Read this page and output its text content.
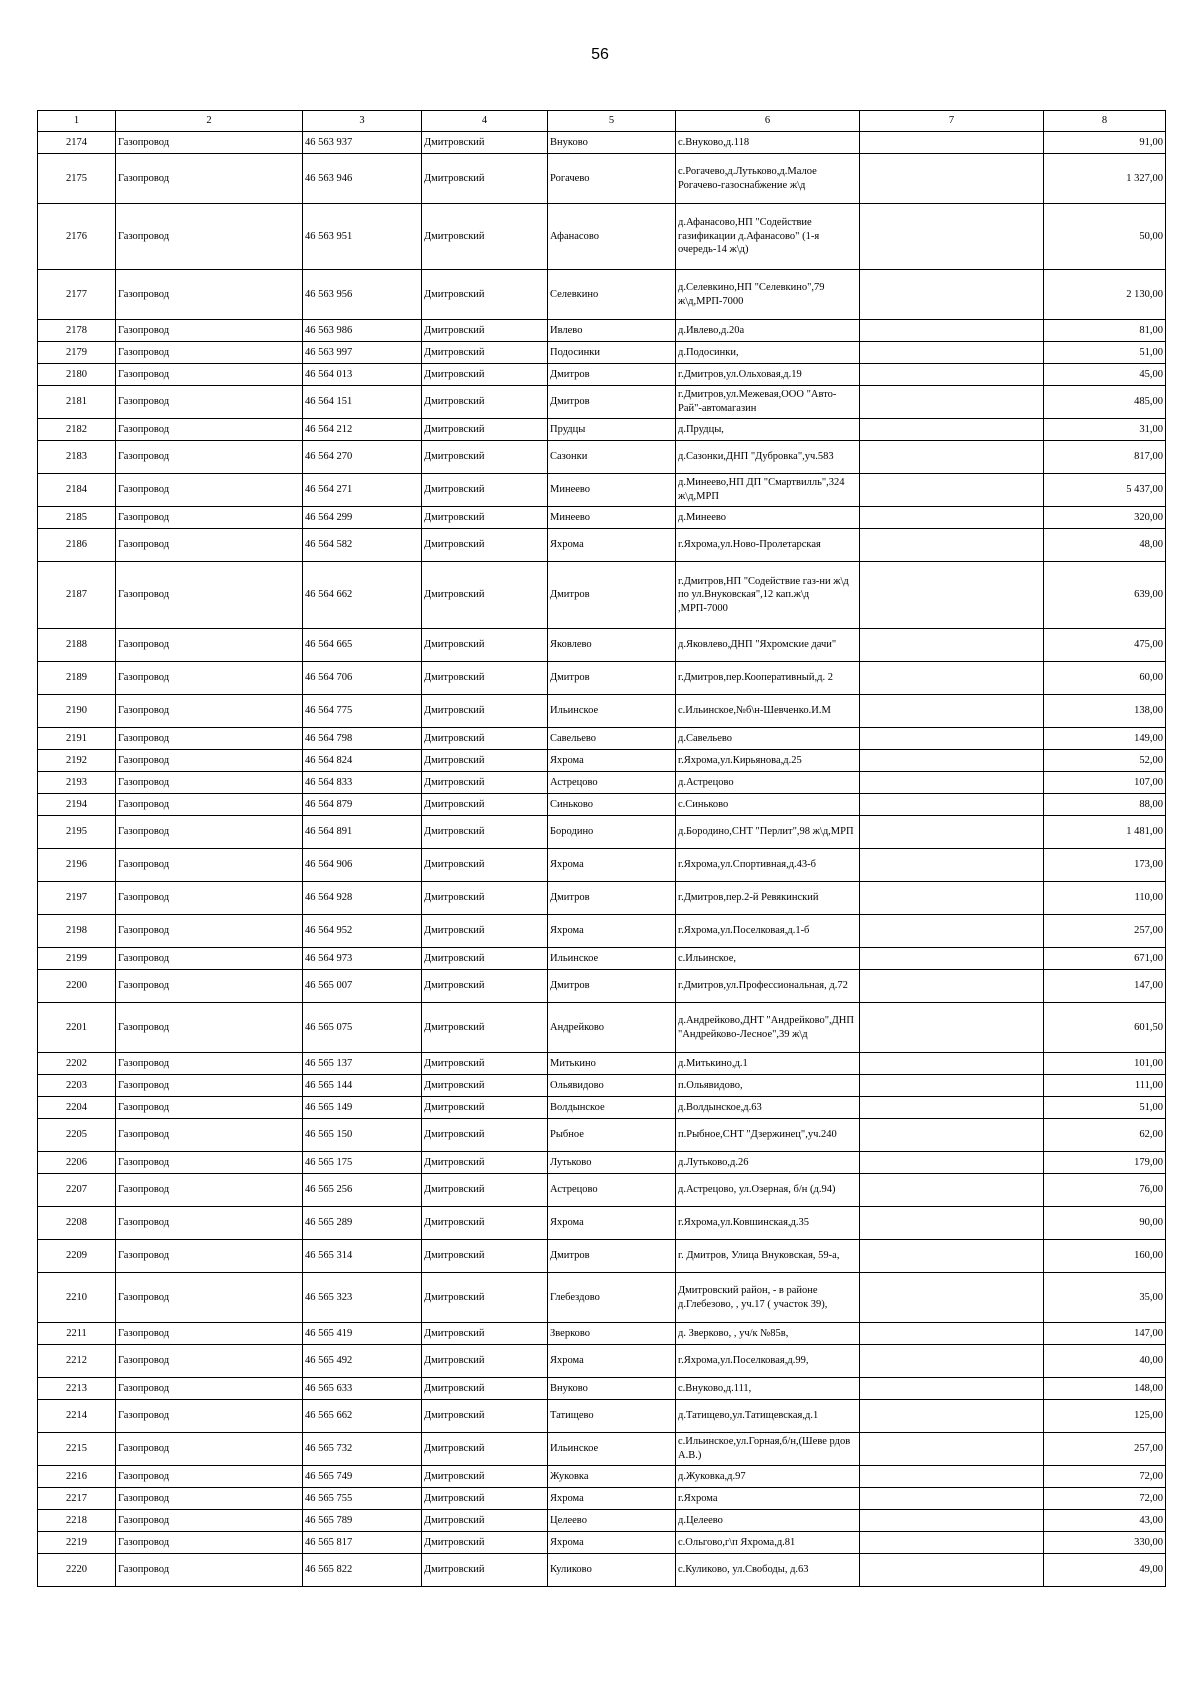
56
1	2	3	4	5	6	7	8
2174	Газопровод	46 563 937	Дмитровский	Внуково	с.Внуково,д.118		91,00
2175	Газопровод	46 563 946	Дмитровский	Рогачево	с.Рогачево,д.Лутьково,д.Малое Рогачево-газоснабжение ж\д		1 327,00
2176	Газопровод	46 563 951	Дмитровский	Афанасово	д.Афанасово,НП "Содействие газификации д.Афанасово" (1-я очередь-14 ж\д)		50,00
2177	Газопровод	46 563 956	Дмитровский	Селевкино	д.Селевкино,НП "Селевкино",79 ж\д,МРП-7000		2 130,00
2178	Газопровод	46 563 986	Дмитровский	Ивлево	д.Ивлево,д.20а		81,00
2179	Газопровод	46 563 997	Дмитровский	Подосинки	д.Подосинки,		51,00
2180	Газопровод	46 564 013	Дмитровский	Дмитров	г.Дмитров,ул.Ольховая,д.19		45,00
2181	Газопровод	46 564 151	Дмитровский	Дмитров	г.Дмитров,ул.Межевая,ООО "Авто-Рай"-автомагазин		485,00
2182	Газопровод	46 564 212	Дмитровский	Прудцы	д.Прудцы,		31,00
2183	Газопровод	46 564 270	Дмитровский	Сазонки	д.Сазонки,ДНП "Дубровка",уч.583		817,00
2184	Газопровод	46 564 271	Дмитровский	Минеево	д.Минеево,НП ДП "Смартвилль",324 ж\д,МРП		5 437,00
2185	Газопровод	46 564 299	Дмитровский	Минеево	д.Минеево		320,00
2186	Газопровод	46 564 582	Дмитровский	Яхрома	г.Яхрома,ул.Ново-Пролетарская		48,00
2187	Газопровод	46 564 662	Дмитровский	Дмитров	г.Дмитров,НП "Содействие газ-ни ж\д по ул.Внуковская",12 кап.ж\д ,МРП-7000		639,00
2188	Газопровод	46 564 665	Дмитровский	Яковлево	д.Яковлево,ДНП "Яхромские дачи"		475,00
2189	Газопровод	46 564 706	Дмитровский	Дмитров	г.Дмитров,пер.Кооперативный,д. 2		60,00
2190	Газопровод	46 564 775	Дмитровский	Ильинское	с.Ильинское,№б\н-Шевченко.И.М		138,00
2191	Газопровод	46 564 798	Дмитровский	Савельево	д.Савельево		149,00
2192	Газопровод	46 564 824	Дмитровский	Яхрома	г.Яхрома,ул.Кирьянова,д.25		52,00
2193	Газопровод	46 564 833	Дмитровский	Астрецово	д.Астрецово		107,00
2194	Газопровод	46 564 879	Дмитровский	Синьково	с.Синьково		88,00
2195	Газопровод	46 564 891	Дмитровский	Бородино	д.Бородино,СНТ "Перлит",98 ж\д,МРП		1 481,00
2196	Газопровод	46 564 906	Дмитровский	Яхрома	г.Яхрома,ул.Спортивная,д.43-б		173,00
2197	Газопровод	46 564 928	Дмитровский	Дмитров	г.Дмитров,пер.2-й Ревякинский		110,00
2198	Газопровод	46 564 952	Дмитровский	Яхрома	г.Яхрома,ул.Поселковая,д.1-б		257,00
2199	Газопровод	46 564 973	Дмитровский	Ильинское	с.Ильинское,		671,00
2200	Газопровод	46 565 007	Дмитровский	Дмитров	г.Дмитров,ул.Профессиональная, д.72		147,00
2201	Газопровод	46 565 075	Дмитровский	Андрейково	д.Андрейково,ДНТ "Андрейково",ДНП "Андрейково-Лесное",39 ж\д		601,50
2202	Газопровод	46 565 137	Дмитровский	Митькино	д.Митькино,д.1		101,00
2203	Газопровод	46 565 144	Дмитровский	Ольявидово	п.Ольявидово,		111,00
2204	Газопровод	46 565 149	Дмитровский	Волдынское	д.Волдынское,д.63		51,00
2205	Газопровод	46 565 150	Дмитровский	Рыбное	п.Рыбное,СНТ "Дзержинец",уч.240		62,00
2206	Газопровод	46 565 175	Дмитровский	Лутьково	д.Лутьково,д.26		179,00
2207	Газопровод	46 565 256	Дмитровский	Астрецово	д.Астрецово, ул.Озерная, б/н (д.94)		76,00
2208	Газопровод	46 565 289	Дмитровский	Яхрома	г.Яхрома,ул.Ковшинская,д.35		90,00
2209	Газопровод	46 565 314	Дмитровский	Дмитров	г. Дмитров, Улица Внуковская, 59-а,		160,00
2210	Газопровод	46 565 323	Дмитровский	Глебездово	Дмитровский район, - в районе д.Глебезово, , уч.17 ( участок 39),		35,00
2211	Газопровод	46 565 419	Дмитровский	Зверково	д. Зверково, , уч/к №85в,		147,00
2212	Газопровод	46 565 492	Дмитровский	Яхрома	г.Яхрома,ул.Поселковая,д.99,		40,00
2213	Газопровод	46 565 633	Дмитровский	Внуково	с.Внуково,д.111,		148,00
2214	Газопровод	46 565 662	Дмитровский	Татищево	д.Татищево,ул.Татищевская,д.1		125,00
2215	Газопровод	46 565 732	Дмитровский	Ильинское	с.Ильинское,ул.Горная,б/н,(Шеве рдов А.В.)		257,00
2216	Газопровод	46 565 749	Дмитровский	Жуковка	д.Жуковка,д.97		72,00
2217	Газопровод	46 565 755	Дмитровский	Яхрома	г.Яхрома		72,00
2218	Газопровод	46 565 789	Дмитровский	Целеево	д.Целеево		43,00
2219	Газопровод	46 565 817	Дмитровский	Яхрома	с.Ольгово,г\п Яхрома,д.81		330,00
2220	Газопровод	46 565 822	Дмитровский	Куликово	с.Куликово, ул.Свободы, д.63		49,00
